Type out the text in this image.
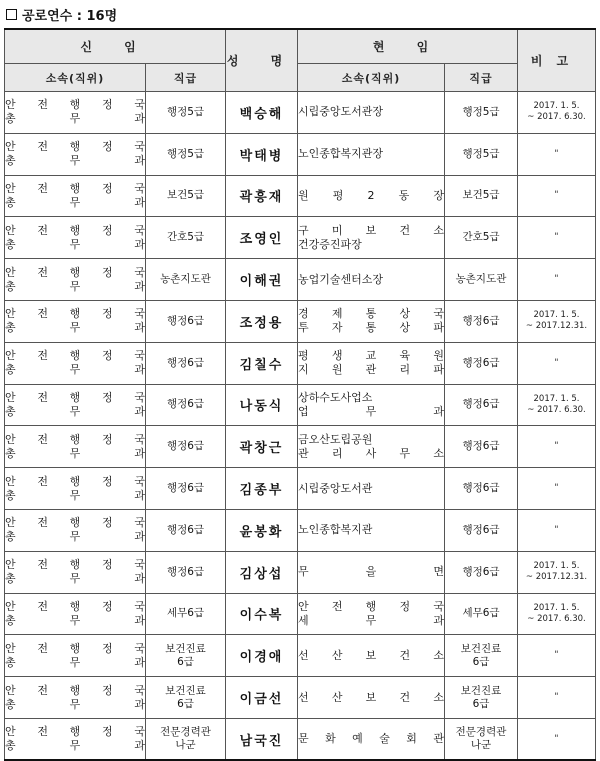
공로연수 : 16명
신 임		성 명	현 임		비고
소속(직위)	직급		소속(직위)	직급	

안 전 행 정 국
총 무 과	행정5급	백승해	시립중앙도서관장	행정5급	2017. 1. 5.
~ 2017. 6.30.

안 전 행 정 국
총 무 과	행정5급	박태병	노인종합복지관장	행정5급	"

안 전 행 정 국
총 무 과	보건5급	곽흥재	원 평 2 동 장	보건5급	"

안 전 행 정 국
총 무 과	간호5급	조영인	구 미 보 건 소
건강증진파장	간호5급	"

안 전 행 정 국
총 무 과	농촌지도관	이해권	농업기술센터소장	농촌지도관	"

안 전 행 정 국
총 무 과	행정6급	조정용	경 제 통 상 국
투 자 통 상 파	행정6급	2017. 1. 5.
~ 2017.12.31.

안 전 행 정 국
총 무 과	행정6급	김칠수	평 생 교 육 원
지 원 관 리 파	행정6급	"

안 전 행 정 국
총 무 과	행정6급	나동식	상하수도사업소
업 무 과	행정6급	2017. 1. 5.
~ 2017. 6.30.

안 전 행 정 국
총 무 과	행정6급	곽창근	금오산도립공원
관 리 사 무 소	행정6급	"

안 전 행 정 국
총 무 과	행정6급	김종부	시립중앙도서관	행정6급	"

안 전 행 정 국
총 무 과	행정6급	윤봉화	노인종합복지관	행정6급	"

안 전 행 정 국
총 무 과	행정6급	김상섭	무 을 면	행정6급	2017. 1. 5.
~ 2017.12.31.

안 전 행 정 국
총 무 과	세무6급	이수복	안 전 행 정 국
세 무 과	세무6급	2017. 1. 5.
~ 2017. 6.30.

안 전 행 정 국
총 무 과	보건진료
6급	이경애	선 산 보 건 소	보건진료
6급	"

안 전 행 정 국
총 무 과	보건진료
6급	이금선	선 산 보 건 소	보건진료
6급	"

안 전 행 정 국
총 무 과	전문경력관
나군	남국진	문 화 예 술 회 관	전문경력관
나군	"
